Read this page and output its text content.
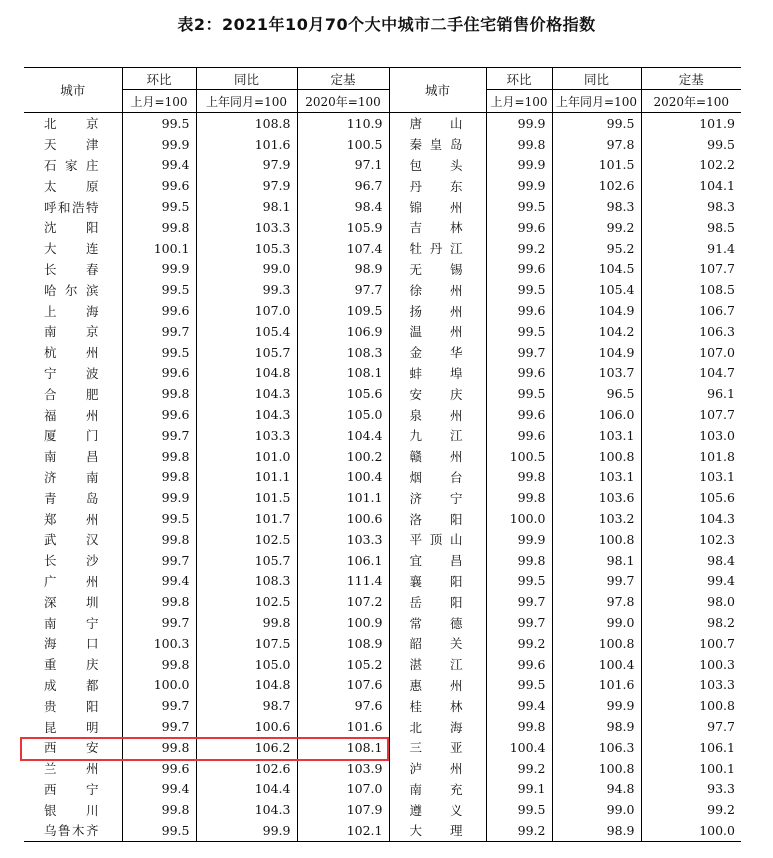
表2：2021年10月70个大中城市二手住宅销售价格指数
城市	环比	同比	定基	城市	环比	同比	定基
	上月=100	上年同月=100	2020年=100		上月=100	上年同月=100	2020年=100
北京	99.5	108.8	110.9	唐山	99.9	99.5	101.9
天津	99.9	101.6	100.5	秦皇岛	99.8	97.8	99.5
石家庄	99.4	97.9	97.1	包头	99.9	101.5	102.2
太原	99.6	97.9	96.7	丹东	99.9	102.6	104.1
呼和浩特	99.5	98.1	98.4	锦州	99.5	98.3	98.3
沈阳	99.8	103.3	105.9	吉林	99.6	99.2	98.5
大连	100.1	105.3	107.4	牡丹江	99.2	95.2	91.4
长春	99.9	99.0	98.9	无锡	99.6	104.5	107.7
哈尔滨	99.5	99.3	97.7	徐州	99.5	105.4	108.5
上海	99.6	107.0	109.5	扬州	99.6	104.9	106.7
南京	99.7	105.4	106.9	温州	99.5	104.2	106.3
杭州	99.5	105.7	108.3	金华	99.7	104.9	107.0
宁波	99.6	104.8	108.1	蚌埠	99.6	103.7	104.7
合肥	99.8	104.3	105.6	安庆	99.5	96.5	96.1
福州	99.6	104.3	105.0	泉州	99.6	106.0	107.7
厦门	99.7	103.3	104.4	九江	99.6	103.1	103.0
南昌	99.8	101.0	100.2	赣州	100.5	100.8	101.8
济南	99.8	101.1	100.4	烟台	99.8	103.1	103.1
青岛	99.9	101.5	101.1	济宁	99.8	103.6	105.6
郑州	99.5	101.7	100.6	洛阳	100.0	103.2	104.3
武汉	99.8	102.5	103.3	平顶山	99.9	100.8	102.3
长沙	99.7	105.7	106.1	宜昌	99.8	98.1	98.4
广州	99.4	108.3	111.4	襄阳	99.5	99.7	99.4
深圳	99.8	102.5	107.2	岳阳	99.7	97.8	98.0
南宁	99.7	99.8	100.9	常德	99.7	99.0	98.2
海口	100.3	107.5	108.9	韶关	99.2	100.8	100.7
重庆	99.8	105.0	105.2	湛江	99.6	100.4	100.3
成都	100.0	104.8	107.6	惠州	99.5	101.6	103.3
贵阳	99.7	98.7	97.6	桂林	99.4	99.9	100.8
昆明	99.7	100.6	101.6	北海	99.8	98.9	97.7
西安	99.8	106.2	108.1	三亚	100.4	106.3	106.1
兰州	99.6	102.6	103.9	泸州	99.2	100.8	100.1
西宁	99.4	104.4	107.0	南充	99.1	94.8	93.3
银川	99.8	104.3	107.9	遵义	99.5	99.0	99.2
乌鲁木齐	99.5	99.9	102.1	大理	99.2	98.9	100.0
